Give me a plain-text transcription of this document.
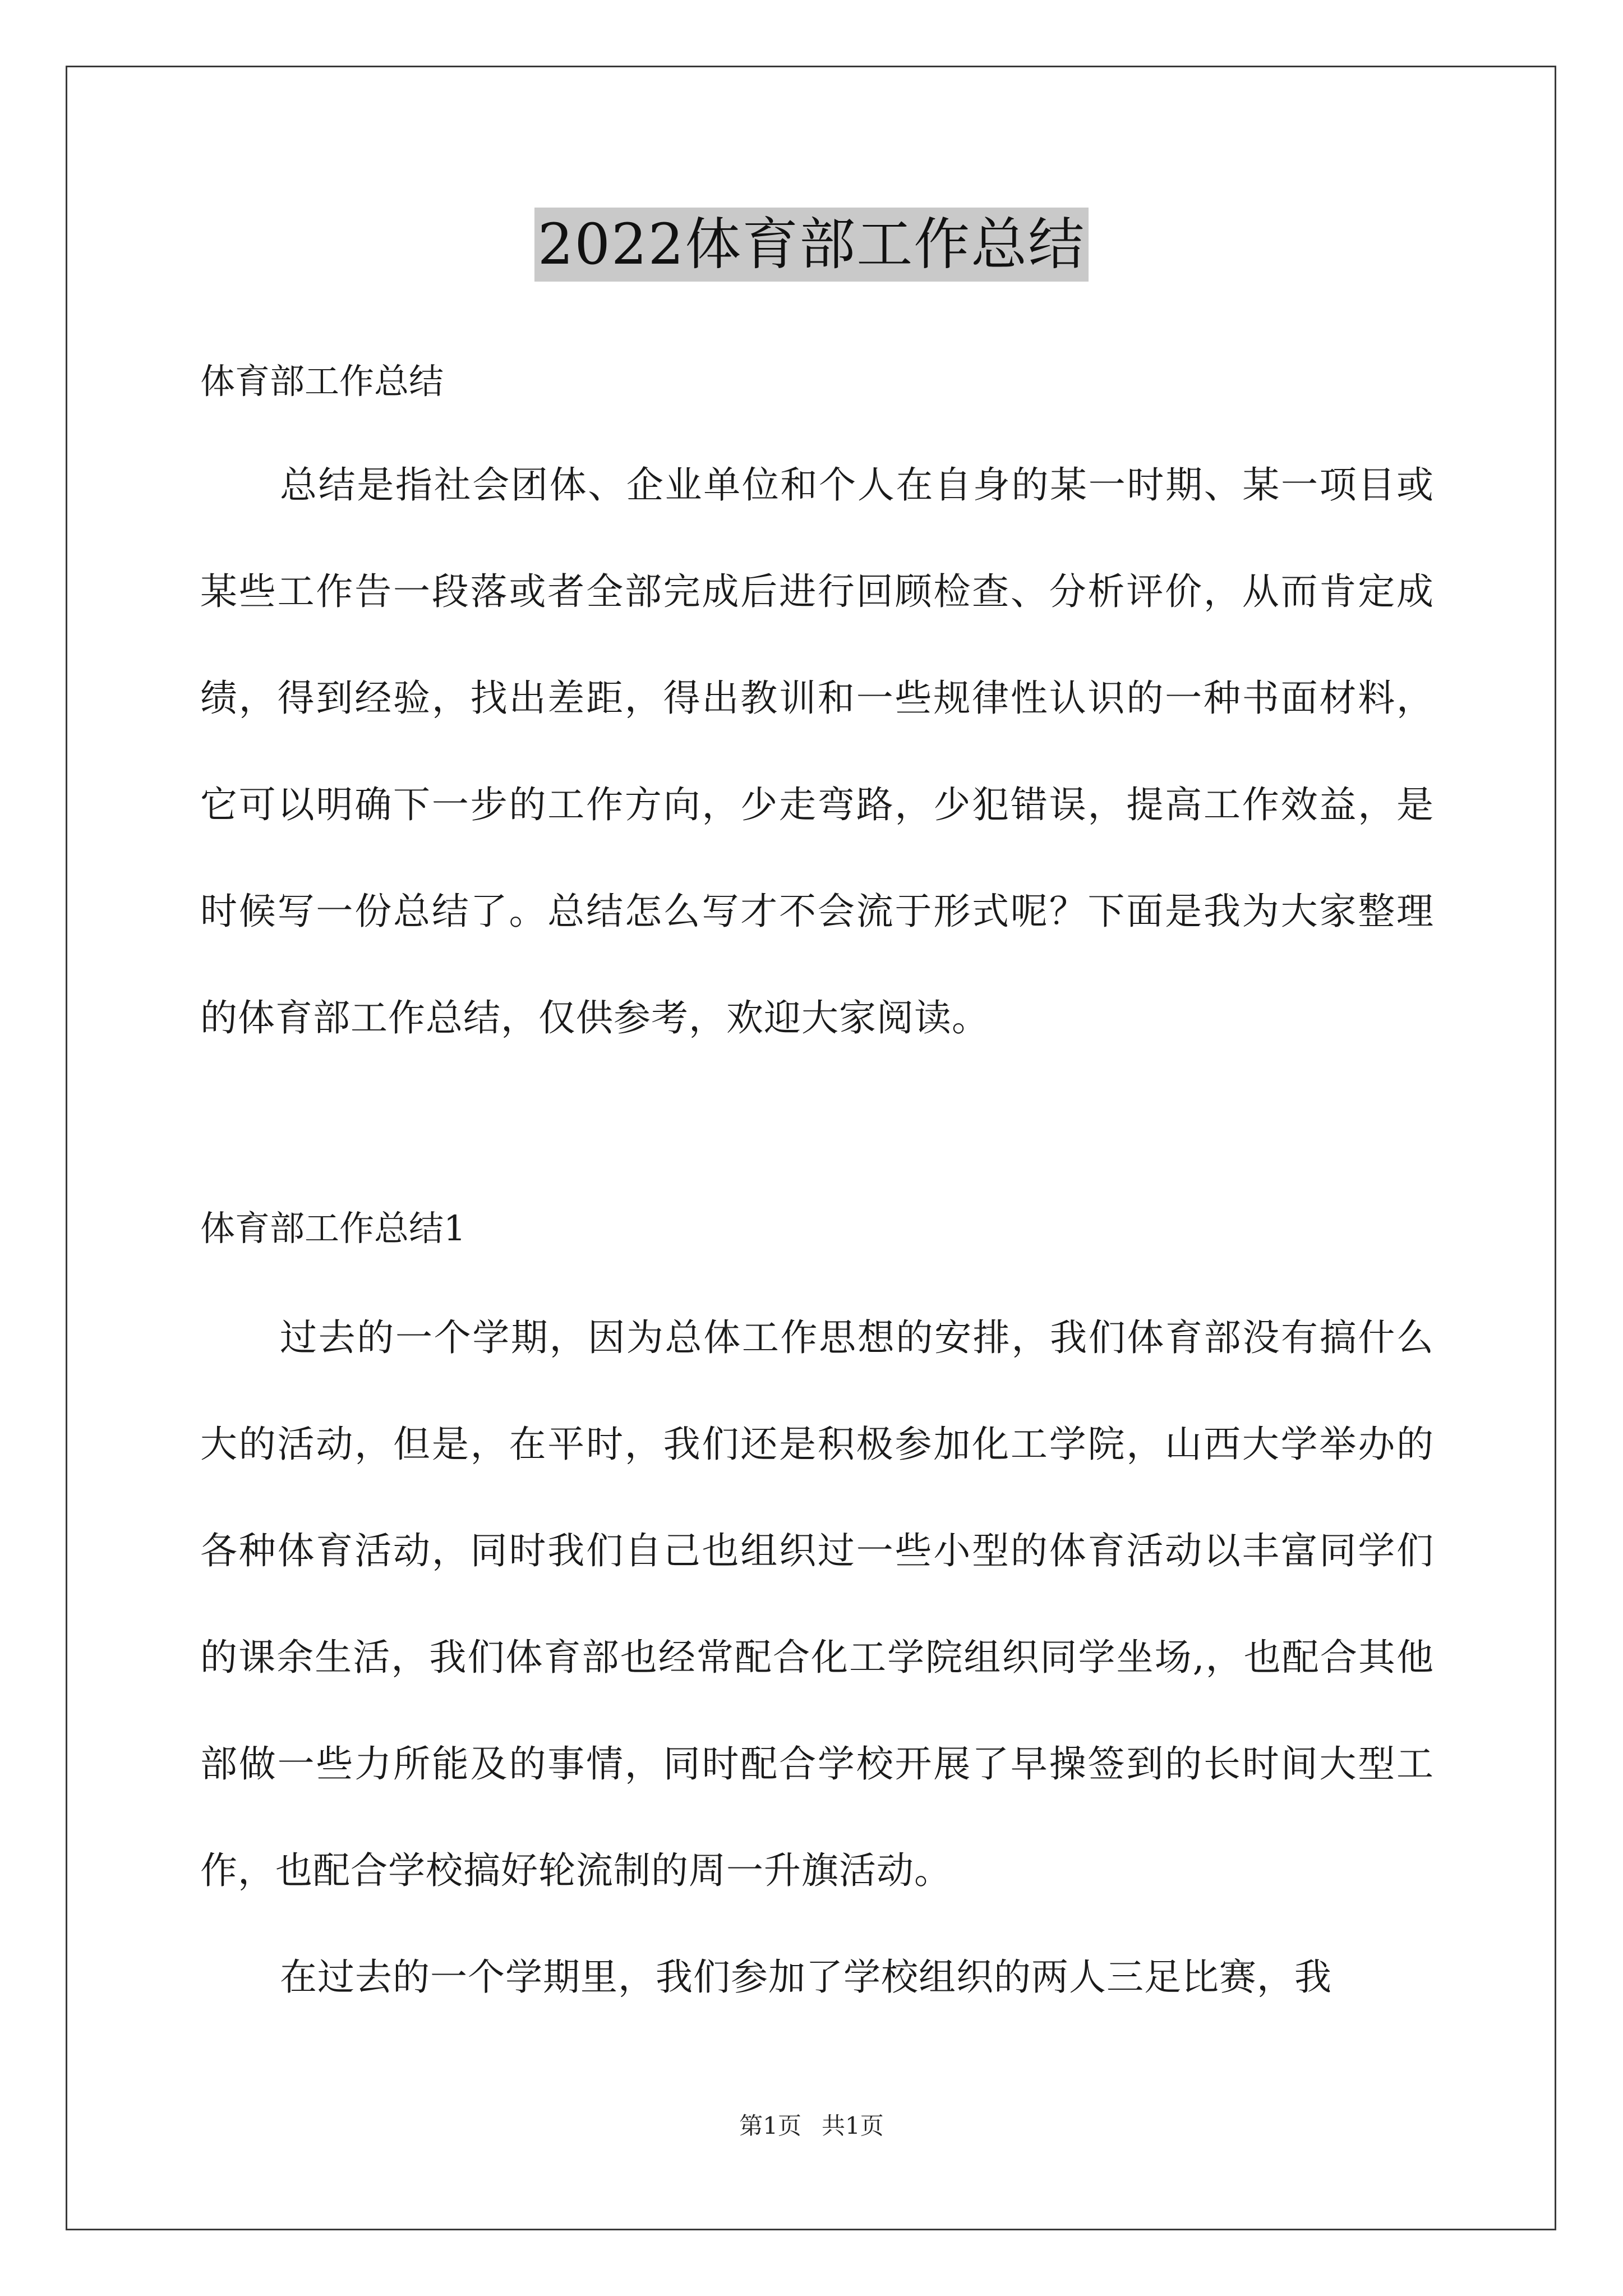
2022体育部工作总结
体育部工作总结

总结是指社会团体、企业单位和个人在自身的某一时期、某一项目或某些工作告一段落或者全部完成后进行回顾检查、分析评价，从而肯定成绩，得到经验，找出差距，得出教训和一些规律性认识的一种书面材料，它可以明确下一步的工作方向，少走弯路，少犯错误，提高工作效益，是时候写一份总结了。总结怎么写才不会流于形式呢？下面是我为大家整理的体育部工作总结，仅供参考，欢迎大家阅读。

体育部工作总结1

过去的一个学期，因为总体工作思想的安排，我们体育部没有搞什么大的活动，但是，在平时，我们还是积极参加化工学院，山西大学举办的各种体育活动，同时我们自己也组织过一些小型的体育活动以丰富同学们的课余生活，我们体育部也经常配合化工学院组织同学坐场,，也配合其他部做一些力所能及的事情，同时配合学校开展了早操签到的长时间大型工作，也配合学校搞好轮流制的周一升旗活动。

在过去的一个学期里，我们参加了学校组织的两人三足比赛，我

第1页 共1页
